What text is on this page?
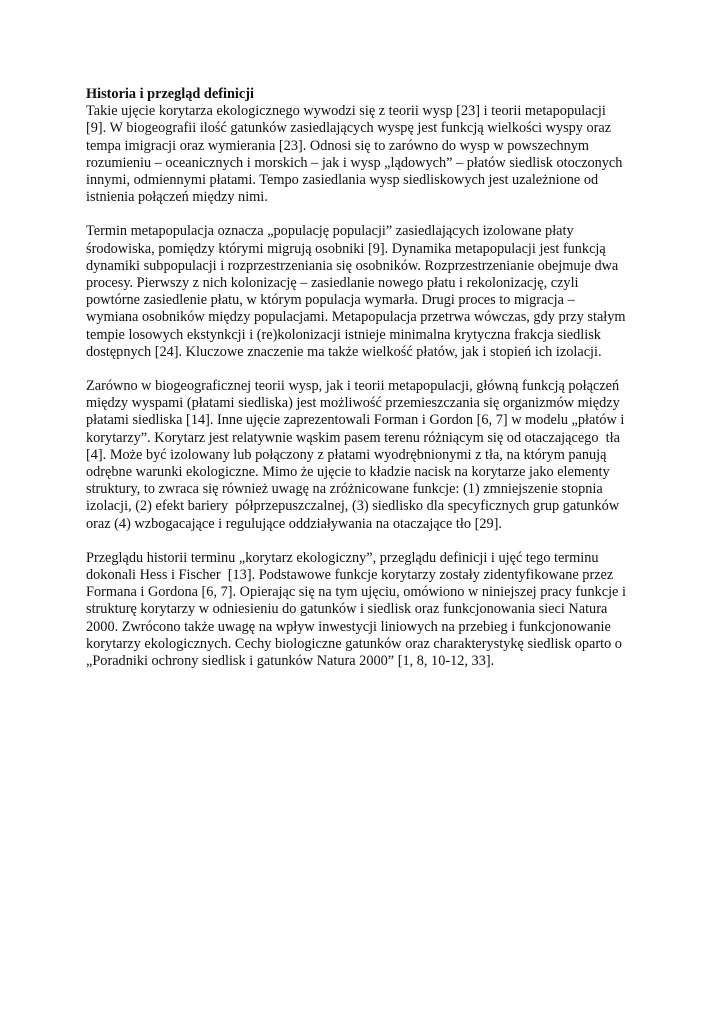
Historia i przegląd definicji
Takie ujęcie korytarza ekologicznego wywodzi się z teorii wysp [23] i teorii metapopulacji
[9]. W biogeografii ilość gatunków zasiedlających wyspę jest funkcją wielkości wyspy oraz
tempa imigracji oraz wymierania [23]. Odnosi się to zarówno do wysp w powszechnym
rozumieniu – oceanicznych i morskich – jak i wysp „lądowych” – płatów siedlisk otoczonych
innymi, odmiennymi płatami. Tempo zasiedlania wysp siedliskowych jest uzależnione od
istnienia połączeń między nimi.
Termin metapopulacja oznacza „populację populacji” zasiedlających izolowane płaty
środowiska, pomiędzy którymi migrują osobniki [9]. Dynamika metapopulacji jest funkcją
dynamiki subpopulacji i rozprzestrzeniania się osobników. Rozprzestrzenianie obejmuje dwa
procesy. Pierwszy z nich kolonizację – zasiedlanie nowego płatu i rekolonizację, czyli
powtórne zasiedlenie płatu, w którym populacja wymarła. Drugi proces to migracja –
wymiana osobników między populacjami. Metapopulacja przetrwa wówczas, gdy przy stałym
tempie losowych ekstynkcji i (re)kolonizacji istnieje minimalna krytyczna frakcja siedlisk
dostępnych [24]. Kluczowe znaczenie ma także wielkość płatów, jak i stopień ich izolacji.
Zarówno w biogeograficznej teorii wysp, jak i teorii metapopulacji, główną funkcją połączeń
między wyspami (płatami siedliska) jest możliwość przemieszczania się organizmów między
płatami siedliska [14]. Inne ujęcie zaprezentowali Forman i Gordon [6, 7] w modelu „płatów i
korytarzy”. Korytarz jest relatywnie wąskim pasem terenu różniącym się od otaczającego  tła
[4]. Może być izolowany lub połączony z płatami wyodrębnionymi z tła, na którym panują
odrębne warunki ekologiczne. Mimo że ujęcie to kładzie nacisk na korytarze jako elementy
struktury, to zwraca się również uwagę na zróżnicowane funkcje: (1) zmniejszenie stopnia
izolacji, (2) efekt bariery  półprzepuszczalnej, (3) siedlisko dla specyficznych grup gatunków
oraz (4) wzbogacające i regulujące oddziaływania na otaczające tło [29].
Przeglądu historii terminu „korytarz ekologiczny”, przeglądu definicji i ujęć tego terminu
dokonali Hess i Fischer  [13]. Podstawowe funkcje korytarzy zostały zidentyfikowane przez
Formana i Gordona [6, 7]. Opierając się na tym ujęciu, omówiono w niniejszej pracy funkcje i
strukturę korytarzy w odniesieniu do gatunków i siedlisk oraz funkcjonowania sieci Natura
2000. Zwrócono także uwagę na wpływ inwestycji liniowych na przebieg i funkcjonowanie
korytarzy ekologicznych. Cechy biologiczne gatunków oraz charakterystykę siedlisk oparto o
„Poradniki ochrony siedlisk i gatunków Natura 2000” [1, 8, 10-12, 33].
